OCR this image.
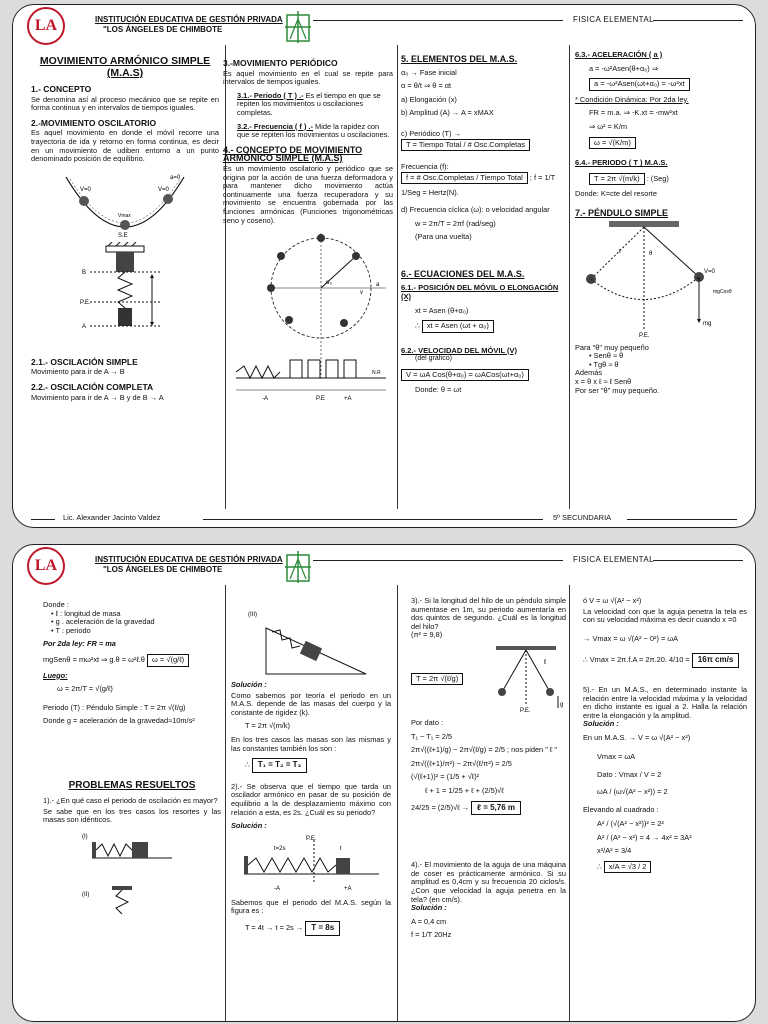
LA	INSTITUCIÓN EDUCATIVA DE GESTIÓN PRIVADA
"LOS ÁNGELES DE CHIMBOTE
FISICA ELEMENTAL
MOVIMIENTO ARMÓNICO SIMPLE (M.A.S)
1.- CONCEPTO

Se denomina así al proceso mecánico que se repite en forma continua y en intervalos de tiempos iguales.

2.-MOVIMIENTO OSCILATORIO

Es aquel movimiento en donde el móvil recorre una trayectoria de ida y retorno en forma continua, es decir en un movimiento de udiben entorno a un punto denominado posición de equilibrio.

V=0	V=0
Vmax
a=0
S.E
B
P.E.
A
2.1.- OSCILACIÓN SIMPLE

Movimiento para ir de A → B

2.2.- OSCILACIÓN COMPLETA

Movimiento para ir de A → B y de B → A

3.-MOVIMIENTO PERIÓDICO

Es aquel movimiento en el cual se repite para intervalos de tiempos iguales.

3.1.- Periodo ( T ) .- Es el tiempo en que se repiten los movimientos u oscilaciones completas.
3.2.- Frecuencia ( f ) .- Mide la rapidez con que se repiten los movimientos u oscilaciones.
4.- CONCEPTO DE MOVIMIENTO ARMÓNICO SIMPLE (M.A.S)

Es un movimiento oscilatorio y periódico que se origina por la acción de una fuerza deformadora y para mantener dicho movimiento actúa continuamente una fuerza recuperadora y su movimiento se encuentra gobernada por las funciones armónicas (Funciones trigonométricas seno y coseno).

α₀
v
a
-A	P.E	+A
N.R
5. ELEMENTOS DEL M.A.S.
α₀ → Fase inicial
α = θ/t ⇒ θ = αt
a) Elongación (x)
b) Amplitud (A) → A = xMAX
c) Periódico (T) → T = Tiempo Total / # Osc.Completas
Frecuencia (f): f = # Osc.Completas / Tiempo Total ; f = 1/T
1/Seg = Hertz(N).
d) Frecuencia cíclica (ω): o velocidad angular
w = 2π/T = 2πf (rad/seg)
(Para una vuelta)
6.- ECUACIONES DEL M.A.S.
6.1.- POSICIÓN DEL MÓVIL O ELONGACIÓN (X)
xt = Asen (θ+α₀)
∴ xt = Asen (ωt + α₀)
6.2.- VELOCIDAD DEL MÓVIL (V)
(del gráfico)
V = ωA Cos(θ+α₀) = ωACos(ωt+α₀)
Donde: θ = ωt
6.3.- ACELERACIÓN ( a )
a = -ω²Asen(θ+α₀) ⇒
a = -ω²Asen(ωt+α₀) = -ω²xt
* Condición Dinámica: Por 2da ley.
FR = m.a. ⇒ -K.xt = -mw²xt
⇒ ω² = K/m
ω = √(K/m)
6.4.- PERIODO ( T ) M.A.S.
T = 2π √(m/k) : (Seg)
Donde: K=cte del resorte
7.- PÉNDULO SIMPLE
mg
V=0
mgCosθ
θ
ℓ
P.E.
Para "θ" muy pequeño
• Senθ ≈ θ
• Tgθ ≈ θ
Además
x = θ x ℓ ≈ ℓ Senθ
Por ser "θ" muy pequeño.
Lic. Alexander Jacinto Valdez	5º SECUNDARIA
LA	INSTITUCIÓN EDUCATIVA DE GESTIÓN PRIVADA
"LOS ÁNGELES DE CHIMBOTE
FISICA ELEMENTAL
Donde :
• ℓ : longitud de masa
• g . aceleración de la gravedad
• T : periodo
Por 2da ley: FR = ma
mgSenθ = mω²xt ⇒ g.θ = ω²ℓ.θ ω = √(g/ℓ)
Luego:
ω = 2π/T = √(g/ℓ)
Periodo (T) : Péndulo Simple : T = 2π √(ℓ/g)

Donde g = aceleración de la gravedad≈10m/s²

PROBLEMAS RESUELTOS

1).- ¿En qué caso el periodo de oscilación es mayor?

Se sabe que en los tres casos los resortes y las masas son idénticos.

(I)
(II)
(III)
Solución :

Como sabemos por teoría el periodo en un M.A.S. depende de las masas del cuerpo y la constante de rigidez (k).

T = 2π √(m/k)

En los tres casos las masas son las mismas y las constantes también los son :

∴ T₁ = T₂ = T₃

2).- Se observa que el tiempo que tarda un oscilador armónico en pasar de su posición de equilibrio a la de desplazamiento máximo con relación a esta, es 2s. ¿Cuál es su periodo?

Solución :
P.E.
t=2s	t
-A	+A

Sabemos que el periodo del M.A.S. según la figura es :

T = 4t → t = 2s → T = 8s

3).- Si la longitud del hilo de un péndulo simple aumentase en 1m, su periodo aumentaría en dos quintos de segundo. ¿Cuál es la longitud del hilo?

(π² = 9,8)
T = 2π √(ℓ/g)
ℓ
P.E.
g
Por dato :
T₁ − T₁ = 2/5
2π√((ℓ+1)/g) − 2π√(ℓ/g) = 2/5 ; nos piden " ℓ "
2π√((ℓ+1)/π²) − 2π√(ℓ/π²) = 2/5
(√(ℓ+1))² = (1/5 + √ℓ)²
ℓ + 1 = 1/25 + ℓ + (2/5)√ℓ
24/25 = (2/5)√ℓ → ℓ = 5,76 m

4).- El movimiento de la aguja de una máquina de coser es prácticamente armónico. Si su amplitud es 0,4cm y su frecuencia 20 ciclos/s. ¿Con que velocidad la aguja penetra en la tela? (en cm/s).

Solución :
A = 0,4 cm
f = 1/T 20Hz
ó V = ω √(A² − x²)

La velocidad con que la aguja penetra la tela es con su velocidad máxima es decir cuando x =0

→ Vmax = ω √(A² − 0²) = ωA
∴ Vmax = 2π.f.A = 2π.20. 4/10 = 16π cm/s

5).- En un M.A.S., en determinado instante la relación entre la velocidad máxima y la velocidad en dicho instante es igual a 2. Halla la relación entre la elongación y la amplitud.

Solución :
En un M.A.S. → V = ω √(A² − x²)
Vmax = ωA
Dato : Vmax / V = 2
ωA / (ω√(A² − x²)) = 2
Elevando al cuadrado :
A² / (√(A² − x²))² = 2²
A² / (A² − x²) = 4 → 4x² = 3A²
x²/A² = 3/4
∴ x/A = √3 / 2
